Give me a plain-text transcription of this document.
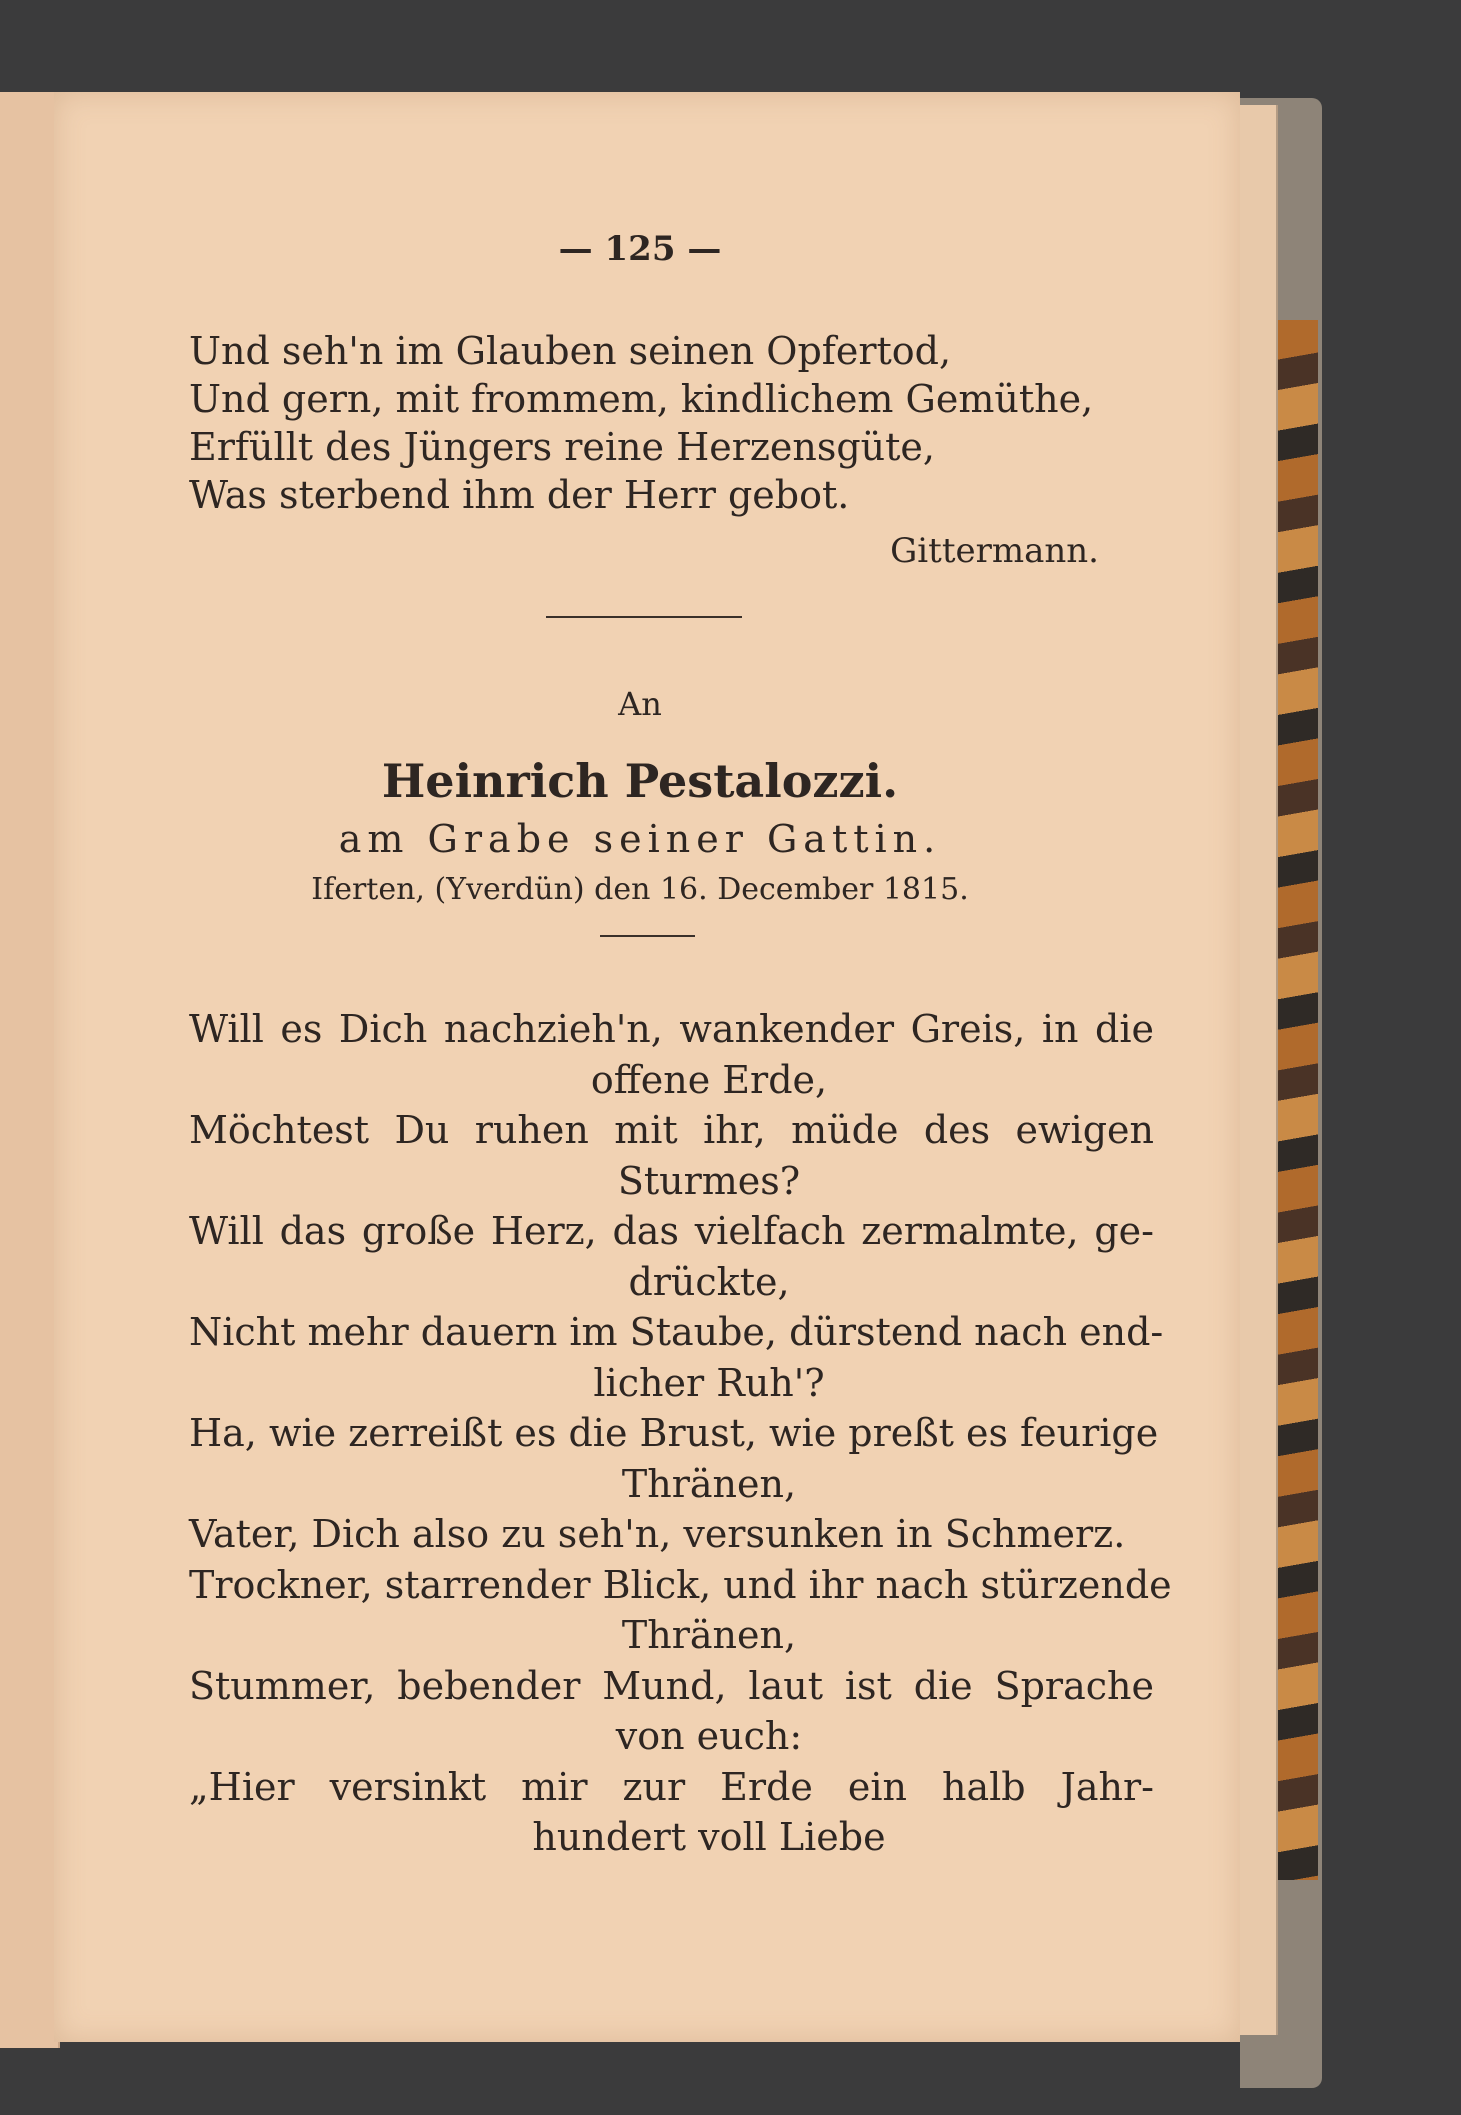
— 125 —
Und seh'n im Glauben seinen Opfertod,
Und gern, mit frommem, kindlichem Gemüthe,
Erfüllt des Jüngers reine Herzensgüte,
Was sterbend ihm der Herr gebot.
Gittermann.
An
Heinrich Pestalozzi.
am Grabe seiner Gattin.
Iferten, (Yverdün) den 16. December 1815.
Will es Dich nachzieh'n, wankender Greis, in die
offene Erde,
Möchtest Du ruhen mit ihr, müde des ewigen
Sturmes?
Will das große Herz, das vielfach zermalmte, ge-
drückte,
Nicht mehr dauern im Staube, dürstend nach end-
licher Ruh'?
Ha, wie zerreißt es die Brust, wie preßt es feurige
Thränen,
Vater, Dich also zu seh'n, versunken in Schmerz.
Trockner, starrender Blick, und ihr nach stürzende
Thränen,
Stummer, bebender Mund, laut ist die Sprache
von euch:
„Hier versinkt mir zur Erde ein halb Jahr-
hundert voll Liebe
